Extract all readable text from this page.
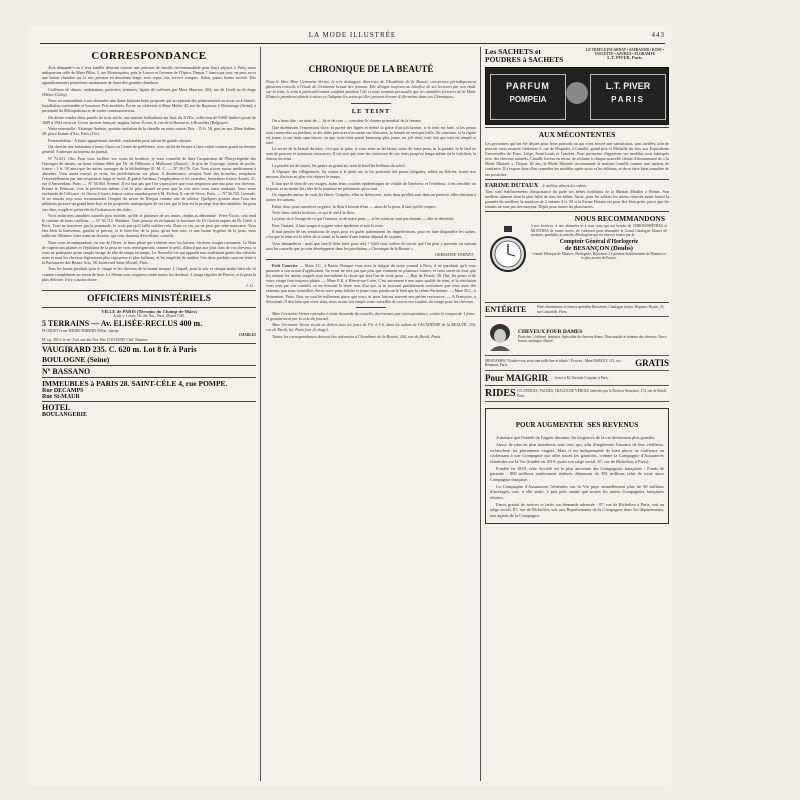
LA MODE ILLUSTRÉE	443
CORRESPONDANCE

Avis demande-t-on à leur famille désirant trouver une pension de famille recommandable pour leurs séjours à Paris, nous indiquerons celle de Mme Pillot, 3, rue Montesquieu, près le Louvre et l'avenue de l'Opéra. Depuis 7 francs par jour, on peut avoir une bonne chambre sur la rue, pension en deuxième étage, trois repas, vin, service compris. Salon, piano, bonne société. Des agrandissements permettent maintenant de louer des grandes chambres.

Coiffeuse de dames, ondulations, postiches, teintures, ligues de coiffures par Mme Maurice, 204, rue de Lisoli au 2e étage (Métro-Clichy).

Nous recommandons à nos abonnées une dame habitant boite proposée qui accepterait des pensionnaires au mois ou à l'année. Installation confortable et luxueuse. Prix modérés. Écrire ou s'adresser à Mme Mulin, 42, rue du Rayneau, à Montrouge (Seine), à proximité du Métropolitain et de toutes communications.

On désire vendre deux pastels de trois siècle, une marine hollandaise sur bois du XVIIe, collection de 9.000 timbres-poste de 1849 à 1904 environ. Livres anciens français, anglais, latins. Écrire, 6, rue de la Brasserie, à Bruxelles (Belgique).

Vente mensuelle : Estampe Anémie, portatie imitation de la chenille en toute saison. Prix : 15 fr. 50, port en sus. Mme Sabine, 29, place Jeanne d'Arc, Paris (13e).

Fontainebleau : A louer appartement meublé, confortable pour saison de grands séjours.

On cherche une habitation à louer, Ouest ou Centre de préférence, avec un lot de fermes à faire valoir comme grand ou fermier général. S'adresser au bureau du journal.

Nº 72.651. Obs. Pour vous faciliter vos cours de broderie, je vous conseille de faire l'acquisition de l'Encyclopédie des Ouvrages de dames, un beau volume édité par Th. de Dillmont, à Mulhouse (Alsace) ; le prix de l'ouvrage, format de poche, franco : 1 fr. 50 ainsi que les autres ouvrages de la bibliothèque D. M. C. — Nº 39.176. Car. Vous n'avez aucun médicament à absorber. Vous aurez essayé, je crois, les pulvérisations sur place, il disséminera, essayez l'une des bronches, remplacez l'essentiellement par une respiration large et facile. Il guérit l'asthme, l'emphysème et les catarrhes, bronchites franco Acméi, 21, rue d'Amsterdam, Paris. — Nº 36.964. Femme. Il est faut pas que l'on s'aperçoive que vous employez une eau pour vos cheveux. Prenez le Pétrosan, c'est la perfection même, c'est le plus naturel ne peut que la voir avec vous aussi rendante. Vous serez enchantés de l'efficace : le flacon 6 francs franco contre mandat-poste à M. Pichon, 8, rue de Sèvre, Paris. — Nº 36.735. Grenade. Je ne saurais trop vous recommander l'emploi du savon de Riequis comme une de toilette. Quelques gouttes dans l'eau des ablutions procure un grand bien-être, et les propriétés antiseptiques de cet eau, qui le leur est la protège leur des maladies. Sa peau sera fine, souple et préservée de l'irritation et des rides.

Voici enfin mes aimables conseils pour m'aider, qu'elle et plusieurs de ses amies, rendus au dénommé : Frère Victor, cela rend le cousine de leurs carillons. — Nº 56.714. Madame. Vous pouvez en réclamant la brochure du Dr Guérin auprès du Dr Giéré, à Paris. Vous ne trouverez pas la pommade. Je crois pas qu'il faille oublier cela. Dans ce cas, on ne peut que cette mauvaise. Vous êtes bien la bienvenue, gauche et précise, et le bien-être de la peau, qu'un bon soin, et une bonne hygiène de la peau, vous suffiront. Montrez votre main au docteur, qui vous donnera d'excellents conseils.

Nous vous recommandons, en vue de l'hiver, le beau plissé qui s'obtient avec les lotions, frictions, usages rationnels. Le Bain de vapeur aux plantes et l'épilation de la peau ne vous renseigneront, comme le petit, d'abord pas aux plus frais de vos cheveux, si vous ne pratiquiez qu'un simple lavage de tête de temps en temps. Le Nouvelle vie qui apparaît non seulement guérit des calvities mais et rend les cheveux légèrement plus vigoureux et plus brillants, et les empêche de tomber. Ces deux produits sont en vente à la Parfumerie des Beaux-Arts, 58, boulevard Saint-Michel, Paris.

Tous les beaux produits pour le visage et les cheveux de la bonne marque J. Giquel, pour le soir et chaque matin bien sûr, et comme complément un savon de luxe. Le Sérum vous soignera contre toutes les douleurs. L'usage régulier de Patrice, et la peau la plus délicate, il n'y a aucun doute.

J. G.
OFFICIERS MINISTÉRIELS
VILLE de PARIS (Terrains du Champ-de-Mars)
A adj. s. 1 ench. Ch. des Not., Paris, 28 juin 1910.
5 TERRAINS — Av. ELISÉE-RECLUS 400 m.
FLOQUET et rue THORY-THIERRY 500 m. chacun.
CHARLES
M. à p. 265 fr. le m². S'ad. aux dits Not. Mes COCHAND, Chef. Notaires.
VAUGIRARD 235. C. 620 m. Lot 8 fr. à Paris
BOULOGNE (Seine)
Nº BASSANO
IMMEUBLES à PARIS 28. SAINT-CÉLE 4, rue POMPE.
Rue DECAMPS
Rue St-MAUR
HOTEL
BOULANGERIE
CHRONIQUE DE LA BEAUTÉ
Nous le libre Mme Germaine Vernet, la très distinguée directrice de l'Académie de la Beauté, consacrera périodiquement plusieurs conseils à l'étude de l'éclatante beauté des femmes. Elle désigne toujours au bénéfice de ses lectrices par son étude sur la teint, le teint à particulièrement confiant pendant l'été et nous sommes persuadés que les aimables lectrices de la Mode Illustrée prendront plaisir à suivre et l'adopter les soins qu'elles peuvent donner d'elle-même dans ces Chroniques.
LE TEINT

On a beau dire : un teint de — lis et de rose — constitue le charme primordial de la femme.

Que dorénavant l'expression d'ore, la pureté des lignes et même la grâce d'un joli bronze, si le teint est fané, si les peaux sont conservées ou perdues, et des rides précoces n'accusent ses blessures, la femme ne sera pas belle. Au contraire, si la figure est jeune, si ses traits sans heurts, ou que votre teint parait beaucoup plus jeune, un joli teint, rosé, fait que tout est rempli et fané.

Le secret de la beauté du teint, c'est que la peau, si vous avez su les beaux soins de votre peau, ni la poudre, ni le fard ne sont de pauvres et ruineuses ressources. Il est vrai que vous les conservez de vos traits jusqu'au temps même où la fraîcheur, la finesse du teint.

La poudre est de toutes, les peaux au grand air, sous le bord les brûlures du soleil.

A l'époque des villégiatures, les coeurs à le plein air, et les profonds des peaux fatiguées, ridées ou flétries, toutes nos moyens d'action au plus vite réparer le temps.

Il faut que le teint de ces visages, ayant leurs couches épidermiques de vitalité de l'intérieur et l'extérieur, il est sensible, de la peau, et au moins les rides de la jeunesse ne présentent qu'un trait.

Or, regardez autour de vous les fleurs. Coupées, elles se flétrissent ; mais dans qu'elles sont dans un parterre, elles résistent à toutes les saisons.

Faites donc pour conserver sa grâce, la fleur à besoin d'eau — ainsi de la peau, il faut qu'elle respire.

Voici bien, chères lectrices, ce qui le ciel à la fleur.

La peau est à l'image de ce qui l'entoure, et de notre peau — si les soins ne sont pas donnés — elle se dessèche.

Pour l'instant, il faut songer à soigner votre épiderme et tout le reste.

Il faut pendre de ses sensations de repos pour en guérir patiemment les imperfections, pour en faire disparaître les taches, c'est que le teint est le reflet de la santé, et la santé d'une femme dépend de sa peau.

Vous demanderez : mais que faut-il donc faire pour cela ? Qu'il vous suffise de savoir que l'on peut y parvenir en suivant tous les conseils que je vous développerai dans les prochaines « Chronique de la Beauté ».

GERMAINE VERNET.

Petit Courrier — Mme J.C., à Benin. Puisque vous avez la fatigue de notre journal à Paris, il ne paraîtrait qu'à vous passerez à son action d'application. Sa vente ne sera pas que plus que vraiment en plusieurs formes, et vous savez de tout, que les enfants les mieux soignés sont eux-mêmes la chose qui fera l'an de votre peau. — Rue de Fronie, 28. Oui, les poses et de votre visage font toujours plaisir. — Mme E.K. à Hiesse-sur-Loire. C'est autrement à une autre qualité de teint, et la résolution vous sera par vos conseils ou en écrivant la lettre rose d'au qui, si se trouvant parfaitement conformes que vous avez des ennemis que nous conseillez. Avoir votre peau fraîche et jeune vous paraîtront le bien que la crème Parisienne. — Mme D.C., à Voisemine, Paris. Non, ne souffre nullement parce que vous, et nous faisons souvent nos petites ressources. — A Françoise, à Séverinan. Il doit bien que votre teint, nous avons fait rempli vous conseiller de savoir vos courbes du visage pour les cheveux.

Mme Germaine Vernet répondra à toute demande de conseils, dorénavant par correspondance, contre le coupon de 1 franc, et gratuitement par la voie du journal.

Mme Germaine Vernet reçoit en dehors tous les jours de 9 h. à 5 h. dans les salons de l'ACADÉMIE de la BEAUTÉ, 104, rue de Rivoli, 6e, Paris (sur 2e étage).

Toutes les correspondances doivent être adressées à l'Académie de la Beauté, 104, rue de Rivoli, Paris.

Les SACHETS et POUDRES à SACHETS
LE TRÈFLE INCARNAT • SAFRANOR • ROSE • VIOLETTE • AZURÉA • FLORAMYE
L.T. PIVER, Paris.
PARFUM
POMPEIA
L.T. PIVER
PARIS
AUX MÉCONTENTES
Les personnes qui ont été déçues pour leurs portraits ou qui n'ont trouvé une satisfaction, sont invitées, afin de pouvoir vous rassurer s'adresser 5, rue de Mogador, à Camille, grand prix et Médaille du Jury aux Expositions Universelles de Paris, Liège, Saint-Louis et Londres. Pour permettre d'apprécier ses modèles tous fabriqués avec des cheveux naturels, Camille livrera en retour de réclame à chaque nouvelle cliente d'abonnement de « la Mode Illustrée ». Depuis 40 ans, la Mode Illustrée recommande la maison Camille comme une maison de confiance. Il s'expose donc d'en connaître les modèles après avoir et les éditions, et de se faire bien connaître de ses postiches.
FARINE DUTAUX le meilleur aliment des enfants
Tous sont établissements d'importance du parle ses bébés fortifiants de la Maison Moulier à Reims. Son meilleur aliment dont la plus belle de tous les bébés. Aussi, pour les soldats les mieux rénovés ayant fourni la garantie du meilleur, la nutrition de 2 enfants 4 fr. 50 si la Farine Dutaux est pour être bien prise, parce que les enfants ne sont pas des moyens. Dépôt pour toutes les pharmacies.
NOUS RECOMMANDONS
à nos lectrices, à nos abonnées et à tous ceux qui ont besoin de CHRONOMÈTRES et MONTRES de toutes sortes, de s'adresser pour demander le Grand Catalogue Illustré de montres, pendules, et articles d'horlogerie qui est envoyé franco par le
Comptoir Général d'Horlogerie
de BESANÇON (Doubs)
Grande Fabrique de Montres, Horlogerie, Bijouterie. Le premier établissement de Montres et le plus ancien de France.
ENTÉRITE	Pâtes alimentaires et farines spéciales Boissières. Catalogue franco. Régimes Hyjaie, 23, rue Cantarelle, Paris.
CHEVEUX POUR DAMES
Postiches, coiffures, teintures. Spécialité de cheveux blancs. Bon marché et teinture des cheveux. Envoi franco catalogue illustré.
MESDAMES ! Voulez-vous avoir une taille fine et idéale ? Écrivez : Mme BARLEY, 115, rue Réaumur, Paris.	GRATIS
Pour MAIGRIR	écrire à M. l'Institut Coupain, à Paris.
RIDES CICATRICES, TACHES, TRACES DE VÉROLE enlevées par le Docteur Neuvaine, 174, rue de Rivoli, Paris.
POUR AUGMENTER SES REVENUS

A mesure que l'intérêt de l'argent diminue, les exigences de la vie deviennent plus grandes.

Aussi, de plus en plus nombreux sont ceux qui, afin d'augmenter l'aisance de leur vieillesse, recherchent les placements viagers. Mais il est indispensable de bien placer sa confiance en s'adressant à une Compagnie qui offre toutes les garanties, comme la Compagnie d'Assurances Générales sur la Vie (fondée en 1819, ayant son siège social, 87, rue de Richelieu, à Paris).

Fondée en 1819, cette Société est la plus ancienne des Compagnies françaises : Fonds de garantie : 800 millions entièrement réalisés, dépassant de 381 millions celui de toute autre Compagnie française.

La Compagnie d'Assurances Générales sur la Vie paye annuellement plus de 50 millions d'arrérages, soit, à elle seule, à peu près autant que toutes les autres Compagnies françaises réunies.

Envoi gratuit de notices et tarifs sur demande adressée : 87, rue de Richelieu à Paris, soit au siège social, 87, rue de Richelieu, soit aux Représentants de la Compagnie dans les départements, aux agents de la Compagnie.
